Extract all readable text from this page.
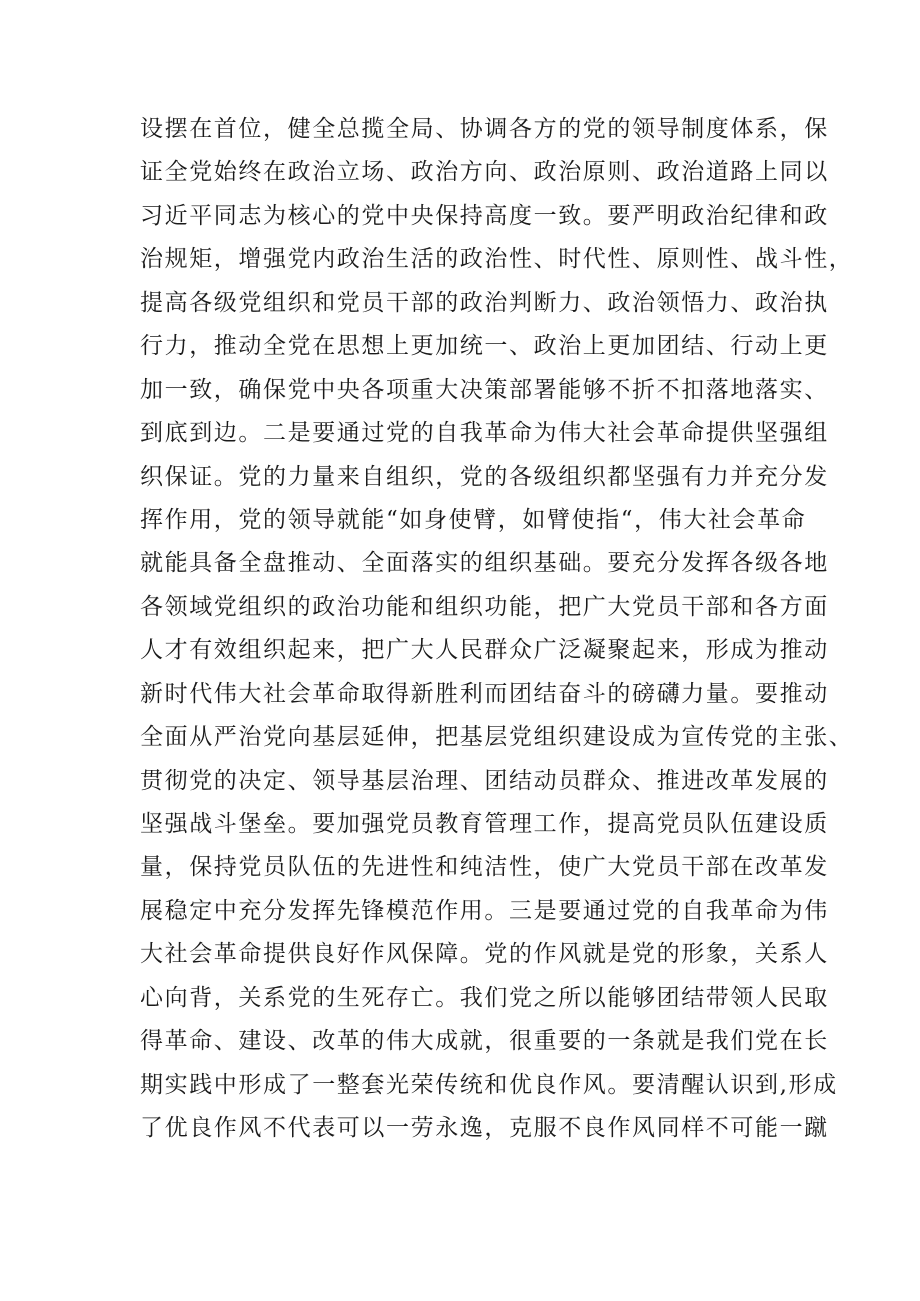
设摆在首位，健全总揽全局、协调各方的党的领导制度体系，保
证全党始终在政治立场、政治方向、政治原则、政治道路上同以
习近平同志为核心的党中央保持高度一致。要严明政治纪律和政
治规矩，增强党内政治生活的政治性、时代性、原则性、战斗性，
提高各级党组织和党员干部的政治判断力、政治领悟力、政治执
行力，推动全党在思想上更加统一、政治上更加团结、行动上更
加一致，确保党中央各项重大决策部署能够不折不扣落地落实、
到底到边。二是要通过党的自我革命为伟大社会革命提供坚强组
织保证。党的力量来自组织，党的各级组织都坚强有力并充分发
挥作用，党的领导就能“如身使臂，如臂使指“，伟大社会革命
就能具备全盘推动、全面落实的组织基础。要充分发挥各级各地
各领域党组织的政治功能和组织功能，把广大党员干部和各方面
人才有效组织起来，把广大人民群众广泛凝聚起来，形成为推动
新时代伟大社会革命取得新胜利而团结奋斗的磅礴力量。要推动
全面从严治党向基层延伸，把基层党组织建设成为宣传党的主张、
贯彻党的决定、领导基层治理、团结动员群众、推进改革发展的
坚强战斗堡垒。要加强党员教育管理工作，提高党员队伍建设质
量，保持党员队伍的先进性和纯洁性，使广大党员干部在改革发
展稳定中充分发挥先锋模范作用。三是要通过党的自我革命为伟
大社会革命提供良好作风保障。党的作风就是党的形象，关系人
心向背，关系党的生死存亡。我们党之所以能够团结带领人民取
得革命、建设、改革的伟大成就，很重要的一条就是我们党在长
期实践中形成了一整套光荣传统和优良作风。要清醒认识到,形成
了优良作风不代表可以一劳永逸，克服不良作风同样不可能一蹴
